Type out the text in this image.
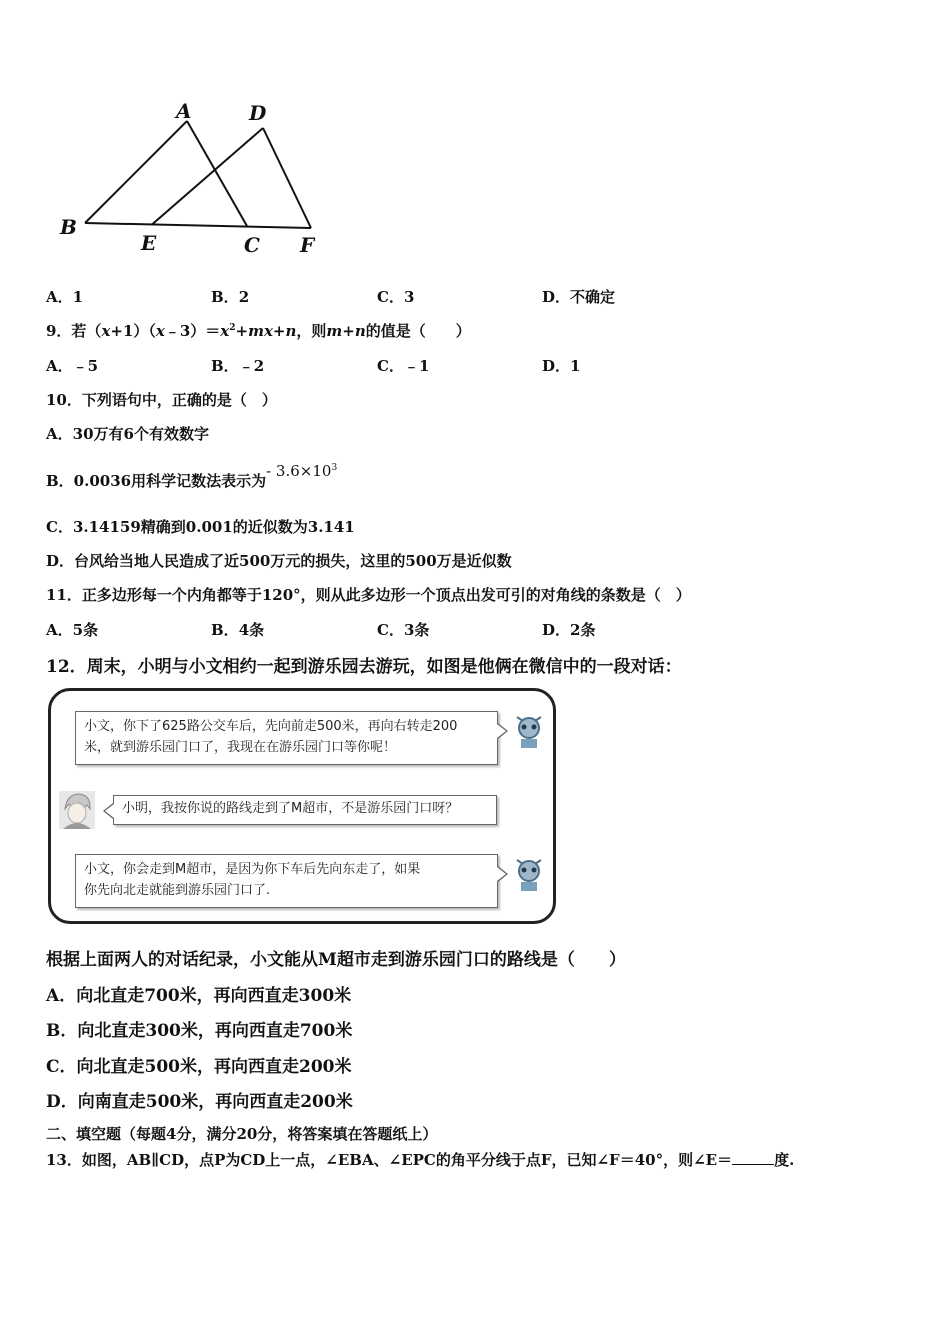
A	D
B
E	C F
A．1	B．2	C．3	D．不确定
9．若$(x+1)(x﹣3)=x^2+mx+n$，则m+n的值是（　　）
A．﹣5	B．﹣2	C．﹣1	D．1
10．下列语句中，正确的是（　）
A．30万有6个有效数字
B．0.0036用科学记数法表示为- $3.6\times 10^3$
C．3.14159精确到0.001的近似数为3.141
D．台风给当地人民造成了近500万元的损失，这里的500万是近似数
11．正多边形每一个内角都等于120°，则从此多边形一个顶点出发可引的对角线的条数是（　）
A．5条	B．4条	C．3条	D．2条
12．周末，小明与小文相约一起到游乐园去游玩，如图是他俩在微信中的一段对话：
小文，你下了625路公交车后，先向前走500米，再向右转走200
米，就到游乐园门口了，我现在在游乐园门口等你呢！
小明，我按你说的路线走到了M超市，不是游乐园门口呀？
小文，你会走到M超市，是因为你下车后先向东走了，如果
你先向北走就能到游乐园门口了.
根据上面两人的对话纪录，小文能从M超市走到游乐园门口的路线是（　　）
A．向北直走700米，再向西直走300米
B．向北直走300米，再向西直走700米
C．向北直走500米，再向西直走200米
D．向南直走500米，再向西直走200米
二、填空题（每题4分，满分20分，将答案填在答题纸上）
13．如图，AB∥CD，点P为CD上一点，∠EBA、∠EPC的角平分线于点F，已知∠F＝40°，则∠E＝	度.
